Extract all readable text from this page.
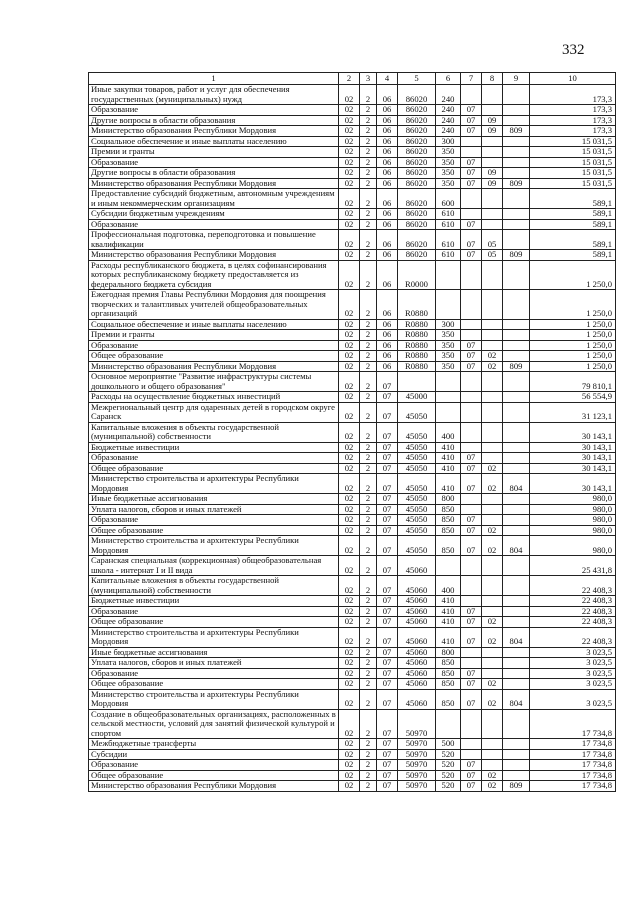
332
1	2	3	4	5	6	7	8	9	10
Иные закупки товаров, работ и услуг для обеспечения государственных (муниципальных) нужд	02	2	06	86020	240				173,3
Образование	02	2	06	86020	240	07			173,3
Другие вопросы в области образования	02	2	06	86020	240	07	09		173,3
Министерство образования Республики Мордовия	02	2	06	86020	240	07	09	809	173,3
Социальное обеспечение и иные выплаты населению	02	2	06	86020	300				15 031,5
Премии и гранты	02	2	06	86020	350				15 031,5
Образование	02	2	06	86020	350	07			15 031,5
Другие вопросы в области образования	02	2	06	86020	350	07	09		15 031,5
Министерство образования Республики Мордовия	02	2	06	86020	350	07	09	809	15 031,5
Предоставление субсидий бюджетным, автономным учреждениям и иным некоммерческим организациям	02	2	06	86020	600				589,1
Субсидии бюджетным учреждениям	02	2	06	86020	610				589,1
Образование	02	2	06	86020	610	07			589,1
Профессиональная подготовка, переподготовка и повышение квалификации	02	2	06	86020	610	07	05		589,1
Министерство образования Республики Мордовия	02	2	06	86020	610	07	05	809	589,1
Расходы республиканского бюджета, в целях софинансирования которых республиканскому бюджету предоставляется из федерального бюджета субсидия	02	2	06	R0000					1 250,0
Ежегодная премия Главы Республики Мордовия для поощрения творческих и талантливых учителей общеобразовательных организаций	02	2	06	R0880					1 250,0
Социальное обеспечение и иные выплаты населению	02	2	06	R0880	300				1 250,0
Премии и гранты	02	2	06	R0880	350				1 250,0
Образование	02	2	06	R0880	350	07			1 250,0
Общее образование	02	2	06	R0880	350	07	02		1 250,0
Министерство образования Республики Мордовия	02	2	06	R0880	350	07	02	809	1 250,0
Основное мероприятие "Развитие инфраструктуры системы дошкольного и общего образования"	02	2	07						79 810,1
Расходы на осуществление бюджетных инвестиций	02	2	07	45000					56 554,9
Межрегиональный центр для одаренных детей в городском округе Саранск	02	2	07	45050					31 123,1
Капитальные вложения в объекты государственной (муниципальной) собственности	02	2	07	45050	400				30 143,1
Бюджетные инвестиции	02	2	07	45050	410				30 143,1
Образование	02	2	07	45050	410	07			30 143,1
Общее образование	02	2	07	45050	410	07	02		30 143,1
Министерство строительства и архитектуры Республики Мордовия	02	2	07	45050	410	07	02	804	30 143,1
Иные бюджетные ассигнования	02	2	07	45050	800				980,0
Уплата налогов, сборов и иных платежей	02	2	07	45050	850				980,0
Образование	02	2	07	45050	850	07			980,0
Общее образование	02	2	07	45050	850	07	02		980,0
Министерство строительства и архитектуры Республики Мордовия	02	2	07	45050	850	07	02	804	980,0
Саранская специальная (коррекционная) общеобразовательная школа - интернат I и II вида	02	2	07	45060					25 431,8
Капитальные вложения в объекты государственной (муниципальной) собственности	02	2	07	45060	400				22 408,3
Бюджетные инвестиции	02	2	07	45060	410				22 408,3
Образование	02	2	07	45060	410	07			22 408,3
Общее образование	02	2	07	45060	410	07	02		22 408,3
Министерство строительства и архитектуры Республики Мордовия	02	2	07	45060	410	07	02	804	22 408,3
Иные бюджетные ассигнования	02	2	07	45060	800				3 023,5
Уплата налогов, сборов и иных платежей	02	2	07	45060	850				3 023,5
Образование	02	2	07	45060	850	07			3 023,5
Общее образование	02	2	07	45060	850	07	02		3 023,5
Министерство строительства и архитектуры Республики Мордовия	02	2	07	45060	850	07	02	804	3 023,5
Создание в общеобразовательных организациях, расположенных в сельской местности, условий для занятий физической культурой и спортом	02	2	07	50970					17 734,8
Межбюджетные трансферты	02	2	07	50970	500				17 734,8
Субсидии	02	2	07	50970	520				17 734,8
Образование	02	2	07	50970	520	07			17 734,8
Общее образование	02	2	07	50970	520	07	02		17 734,8
Министерство образования Республики Мордовия	02	2	07	50970	520	07	02	809	17 734,8
